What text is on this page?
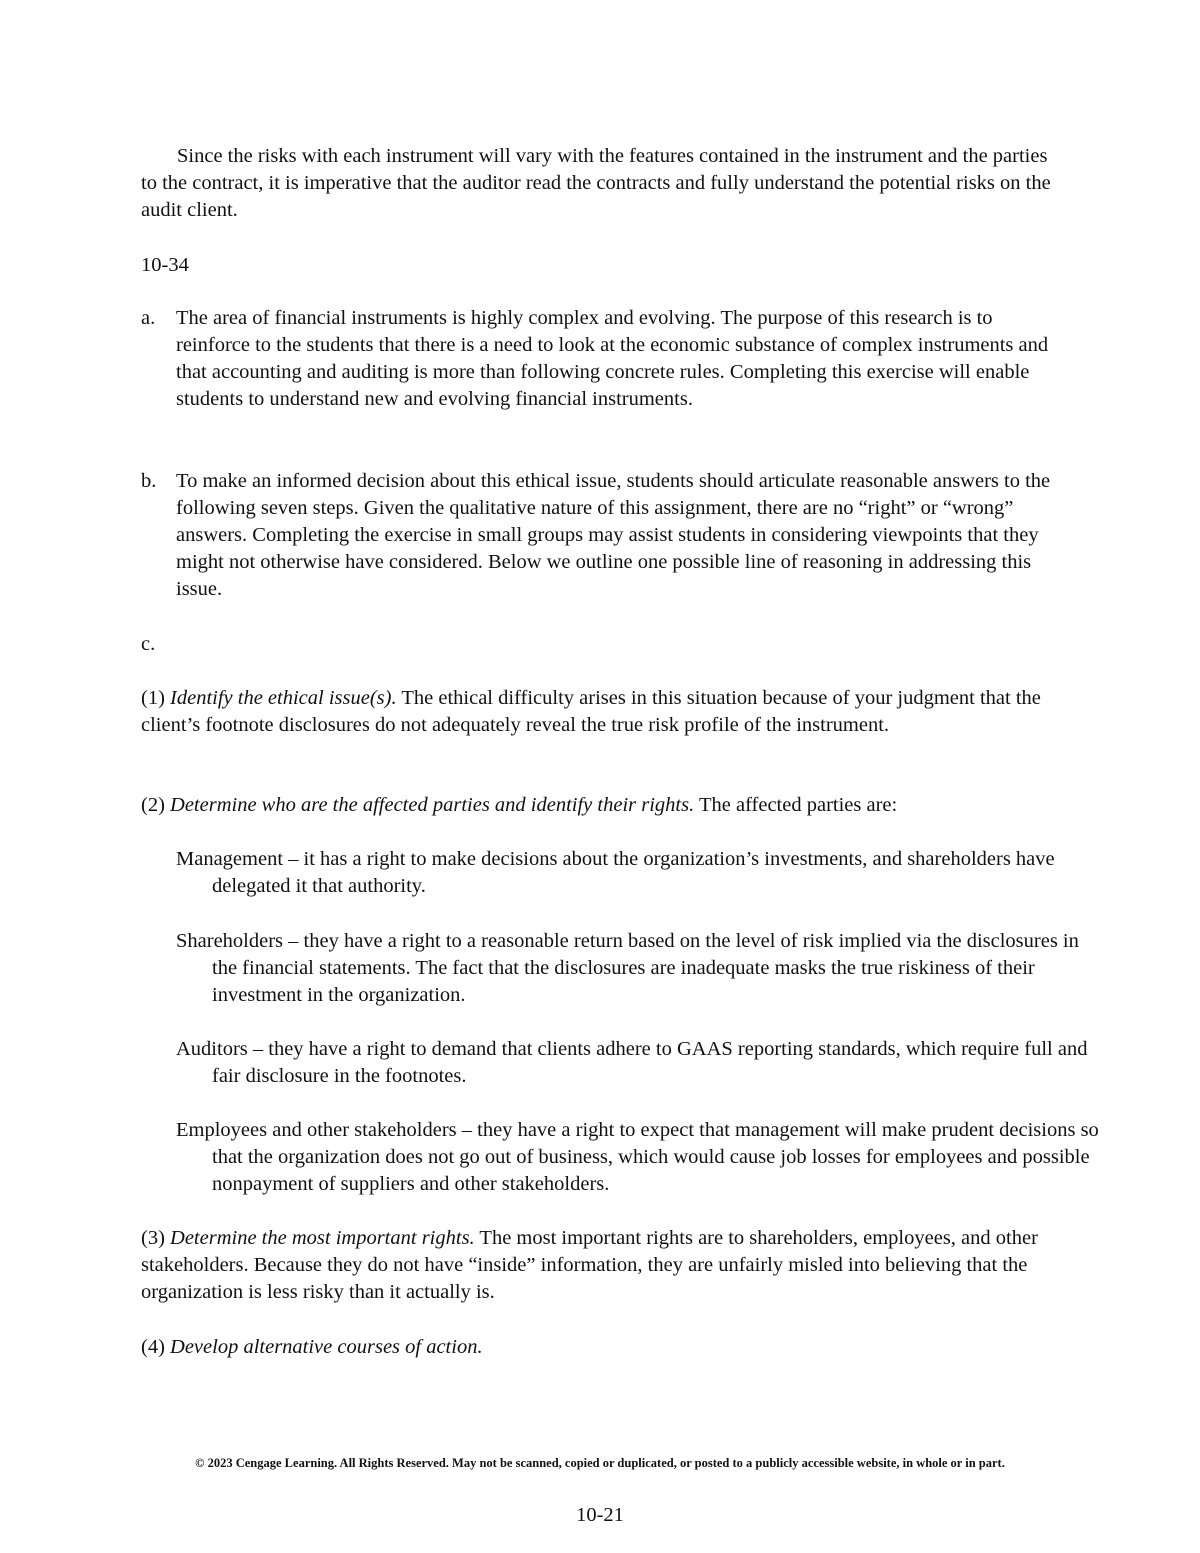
Since the risks with each instrument will vary with the features contained in the instrument and the parties to the contract, it is imperative that the auditor read the contracts and fully understand the potential risks on the audit client.

10-34

a. The area of financial instruments is highly complex and evolving. The purpose of this research is to reinforce to the students that there is a need to look at the economic substance of complex instruments and that accounting and auditing is more than following concrete rules. Completing this exercise will enable students to understand new and evolving financial instruments.
b. To make an informed decision about this ethical issue, students should articulate reasonable answers to the following seven steps. Given the qualitative nature of this assignment, there are no “right” or “wrong” answers. Completing the exercise in small groups may assist students in considering viewpoints that they might not otherwise have considered. Below we outline one possible line of reasoning in addressing this issue.
c.

(1) Identify the ethical issue(s). The ethical difficulty arises in this situation because of your judgment that the client’s footnote disclosures do not adequately reveal the true risk profile of the instrument.

(2) Determine who are the affected parties and identify their rights. The affected parties are:

Management – it has a right to make decisions about the organization’s investments, and shareholders have delegated it that authority.

Shareholders – they have a right to a reasonable return based on the level of risk implied via the disclosures in the financial statements. The fact that the disclosures are inadequate masks the true riskiness of their investment in the organization.

Auditors – they have a right to demand that clients adhere to GAAS reporting standards, which require full and fair disclosure in the footnotes.

Employees and other stakeholders – they have a right to expect that management will make prudent decisions so that the organization does not go out of business, which would cause job losses for employees and possible nonpayment of suppliers and other stakeholders.

(3) Determine the most important rights. The most important rights are to shareholders, employees, and other stakeholders. Because they do not have “inside” information, they are unfairly misled into believing that the organization is less risky than it actually is.

(4) Develop alternative courses of action.

© 2023 Cengage Learning. All Rights Reserved. May not be scanned, copied or duplicated, or posted to a publicly accessible website, in whole or in part.
10-21
